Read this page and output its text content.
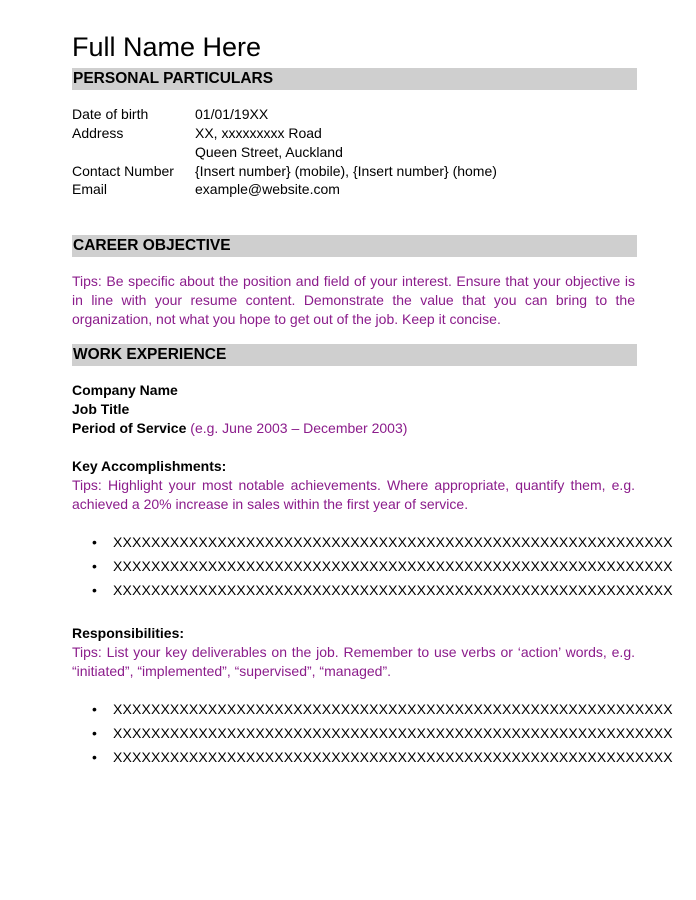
Full Name Here
PERSONAL PARTICULARS
Date of birth	01/01/19XX
Address	XX, xxxxxxxxx Road
Queen Street, Auckland
Contact Number {Insert number} (mobile), {Insert number} (home)
Email	example@website.com
CAREER OBJECTIVE
Tips: Be specific about the position and field of your interest. Ensure that your objective is in line with your resume content. Demonstrate the value that you can bring to the organization, not what you hope to get out of the job. Keep it concise.
WORK EXPERIENCE
Company Name
Job Title
Period of Service (e.g. June 2003 – December 2003)
Key Accomplishments:
Tips: Highlight your most notable achievements. Where appropriate, quantify them, e.g. achieved a 20% increase in sales within the first year of service.
• XXXXXXXXXXXXXXXXXXXXXXXXXXXXXXXXXXXXXXXXXXXXXXXXXXXXXXXXXXX
• XXXXXXXXXXXXXXXXXXXXXXXXXXXXXXXXXXXXXXXXXXXXXXXXXXXXXXXXXXX
• XXXXXXXXXXXXXXXXXXXXXXXXXXXXXXXXXXXXXXXXXXXXXXXXXXXXXXXXXXX
Responsibilities:
Tips: List your key deliverables on the job. Remember to use verbs or ‘action’ words, e.g. “initiated”, “implemented”, “supervised”, “managed”.
• XXXXXXXXXXXXXXXXXXXXXXXXXXXXXXXXXXXXXXXXXXXXXXXXXXXXXXXXXXX
• XXXXXXXXXXXXXXXXXXXXXXXXXXXXXXXXXXXXXXXXXXXXXXXXXXXXXXXXXXX
• XXXXXXXXXXXXXXXXXXXXXXXXXXXXXXXXXXXXXXXXXXXXXXXXXXXXXXXXXXX
